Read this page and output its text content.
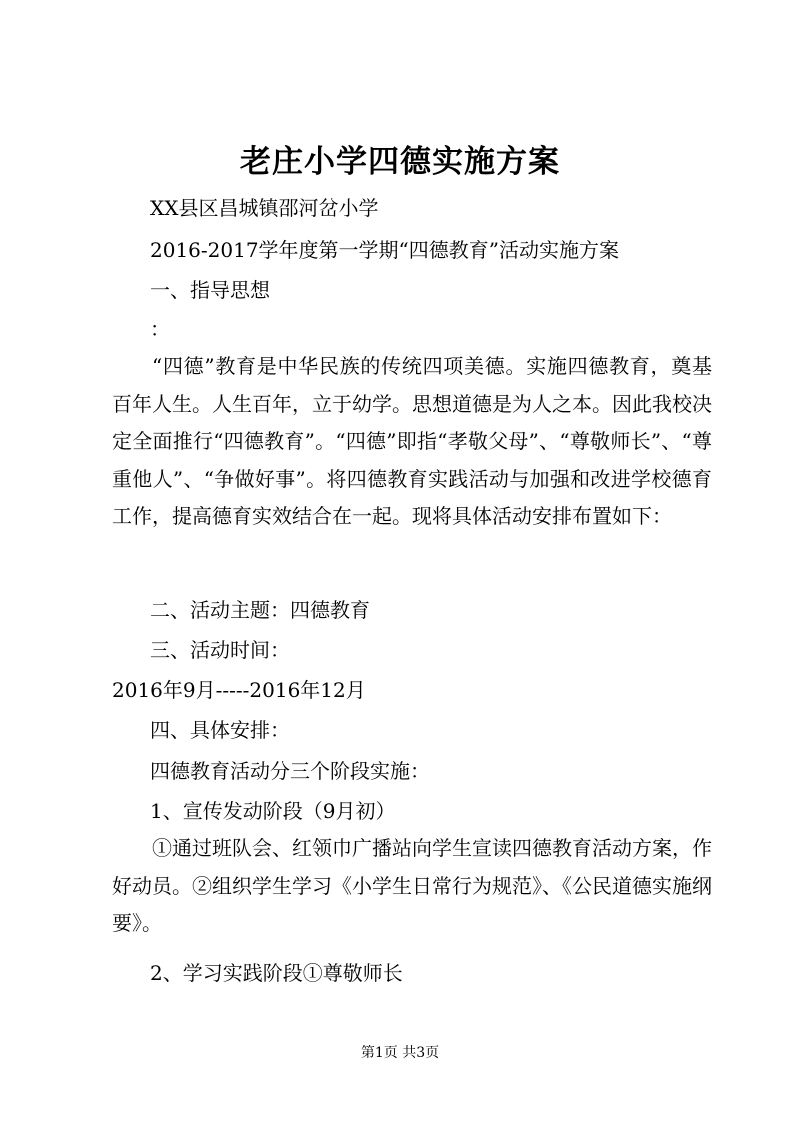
老庄小学四德实施方案
XX县区昌城镇邵河岔小学
2016-2017学年度第一学期“四德教育”活动实施方案
一、指导思想
：
“四德”教育是中华民族的传统四项美德。实施四德教育，奠基百年人生。人生百年，立于幼学。思想道德是为人之本。因此我校决定全面推行“四德教育”。“四德”即指“孝敬父母”、“尊敬师长”、“尊重他人”、“争做好事”。将四德教育实践活动与加强和改进学校德育工作，提高德育实效结合在一起。现将具体活动安排布置如下：
二、活动主题：四德教育
三、活动时间：
2016年9月-----2016年12月
四、具体安排：
四德教育活动分三个阶段实施：
1、宣传发动阶段（9月初）
①通过班队会、红领巾广播站向学生宣读四德教育活动方案，作好动员。②组织学生学习《小学生日常行为规范》、《公民道德实施纲要》。
2、学习实践阶段①尊敬师长
第1页 共3页
